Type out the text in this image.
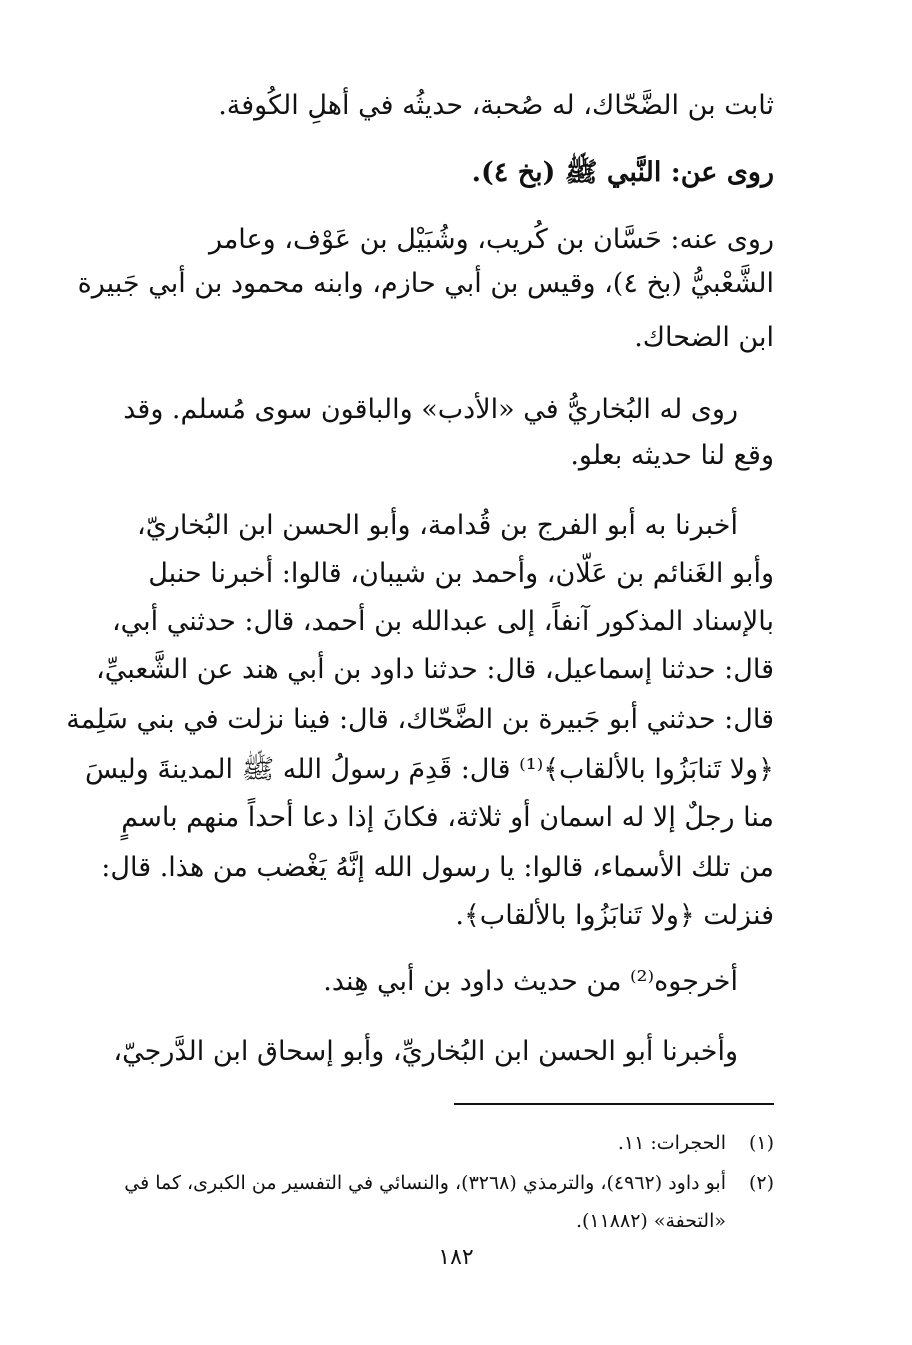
ثابت بن الضَّحّاك، له صُحبة، حديثُه في أهلِ الكُوفة.
روى عن: النَّبي ﷺ (بخ ٤).
روى عنه: حَسَّان بن كُريب، وشُبَيْل بن عَوْف، وعامر
الشَّعْبيُّ (بخ ٤)، وقيس بن أبي حازم، وابنه محمود بن أبي جَبيرة
ابن الضحاك.
روى له البُخاريُّ في «الأدب» والباقون سوى مُسلم. وقد
وقع لنا حديثه بعلو.
أخبرنا به أبو الفرج بن قُدامة، وأبو الحسن ابن البُخاريّ،
وأبو الغَنائم بن عَلّان، وأحمد بن شيبان، قالوا: أخبرنا حنبل
بالإسناد المذكور آنفاً، إلى عبدالله بن أحمد، قال: حدثني أبي،
قال: حدثنا إسماعيل، قال: حدثنا داود بن أبي هند عن الشَّعبيِّ،
قال: حدثني أبو جَبيرة بن الضَّحّاك، قال: فينا نزلت في بني سَلِمة
﴿ولا تَنابَزُوا بالألقاب﴾⁽¹⁾ قال: قَدِمَ رسولُ الله ﷺ المدينةَ وليسَ
منا رجلٌ إلا له اسمان أو ثلاثة، فكانَ إذا دعا أحداً منهم باسمٍ
من تلك الأسماء، قالوا: يا رسول الله إنَّهُ يَغْضب من هذا. قال:
فنزلت ﴿ولا تَنابَزُوا بالألقاب﴾.
أخرجوه⁽²⁾ من حديث داود بن أبي هِند.
وأخبرنا أبو الحسن ابن البُخاريِّ، وأبو إسحاق ابن الدَّرجيّ،
(١)الحجرات: ١١.
(٢)أبو داود (٤٩٦٢)، والترمذي (٣٢٦٨)، والنسائي في التفسير من الكبرى، كما في
«التحفة» (١١٨٨٢).
١٨٢
